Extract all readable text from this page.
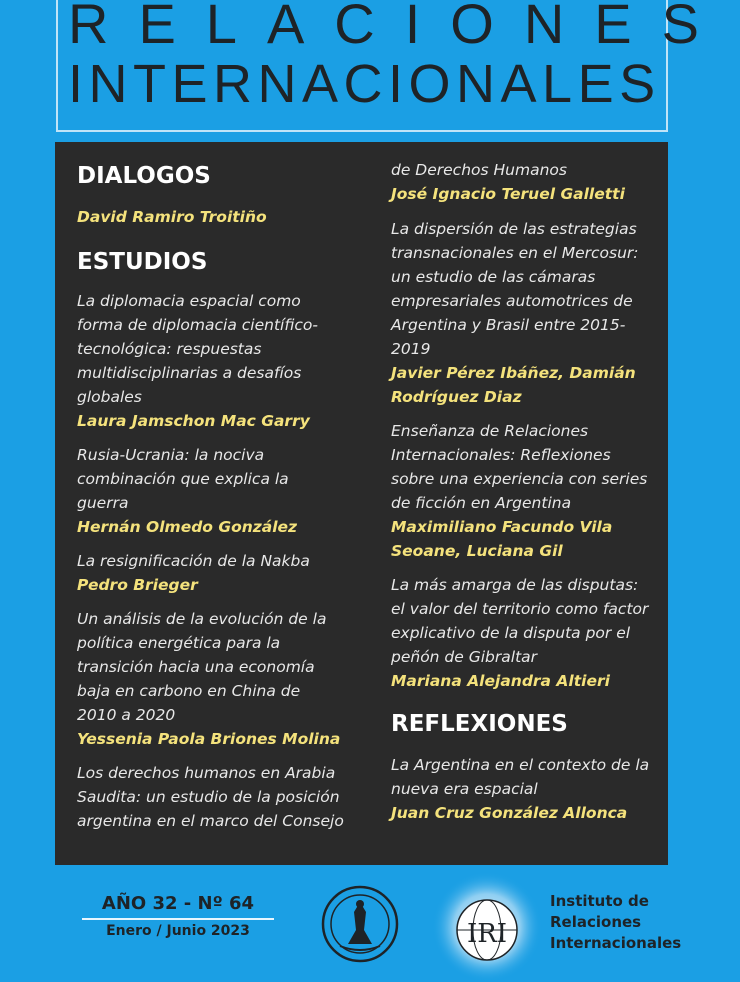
RELACIONES
INTERNACIONALES
DIALOGOS
David Ramiro Troitiño
ESTUDIOS
La diplomacia espacial como
forma de diplomacia científico-
tecnológica: respuestas
multidisciplinarias a desafíos
globales
Laura Jamschon Mac Garry
Rusia-Ucrania: la nociva
combinación que explica la
guerra
Hernán Olmedo González
La resignificación de la Nakba
Pedro Brieger
Un análisis de la evolución de la
política energética para la
transición hacia una economía
baja en carbono en China de
2010 a 2020
Yessenia Paola Briones Molina
Los derechos humanos en Arabia
Saudita: un estudio de la posición
argentina en el marco del Consejo
de Derechos Humanos
José Ignacio Teruel Galletti
La dispersión de las estrategias
transnacionales en el Mercosur:
un estudio de las cámaras
empresariales automotrices de
Argentina y Brasil entre 2015-
2019
Javier Pérez Ibáñez, Damián
Rodríguez Diaz
Enseñanza de Relaciones
Internacionales: Reflexiones
sobre una experiencia con series
de ficción en Argentina
Maximiliano Facundo Vila
Seoane, Luciana Gil
La más amarga de las disputas:
el valor del territorio como factor
explicativo de la disputa por el
peñón de Gibraltar
Mariana Alejandra Altieri
REFLEXIONES
La Argentina en el contexto de la
nueva era espacial
Juan Cruz González Allonca
AÑO 32 - Nº 64
Enero / Junio 2023	IRI
Instituto de
Relaciones
Internacionales
